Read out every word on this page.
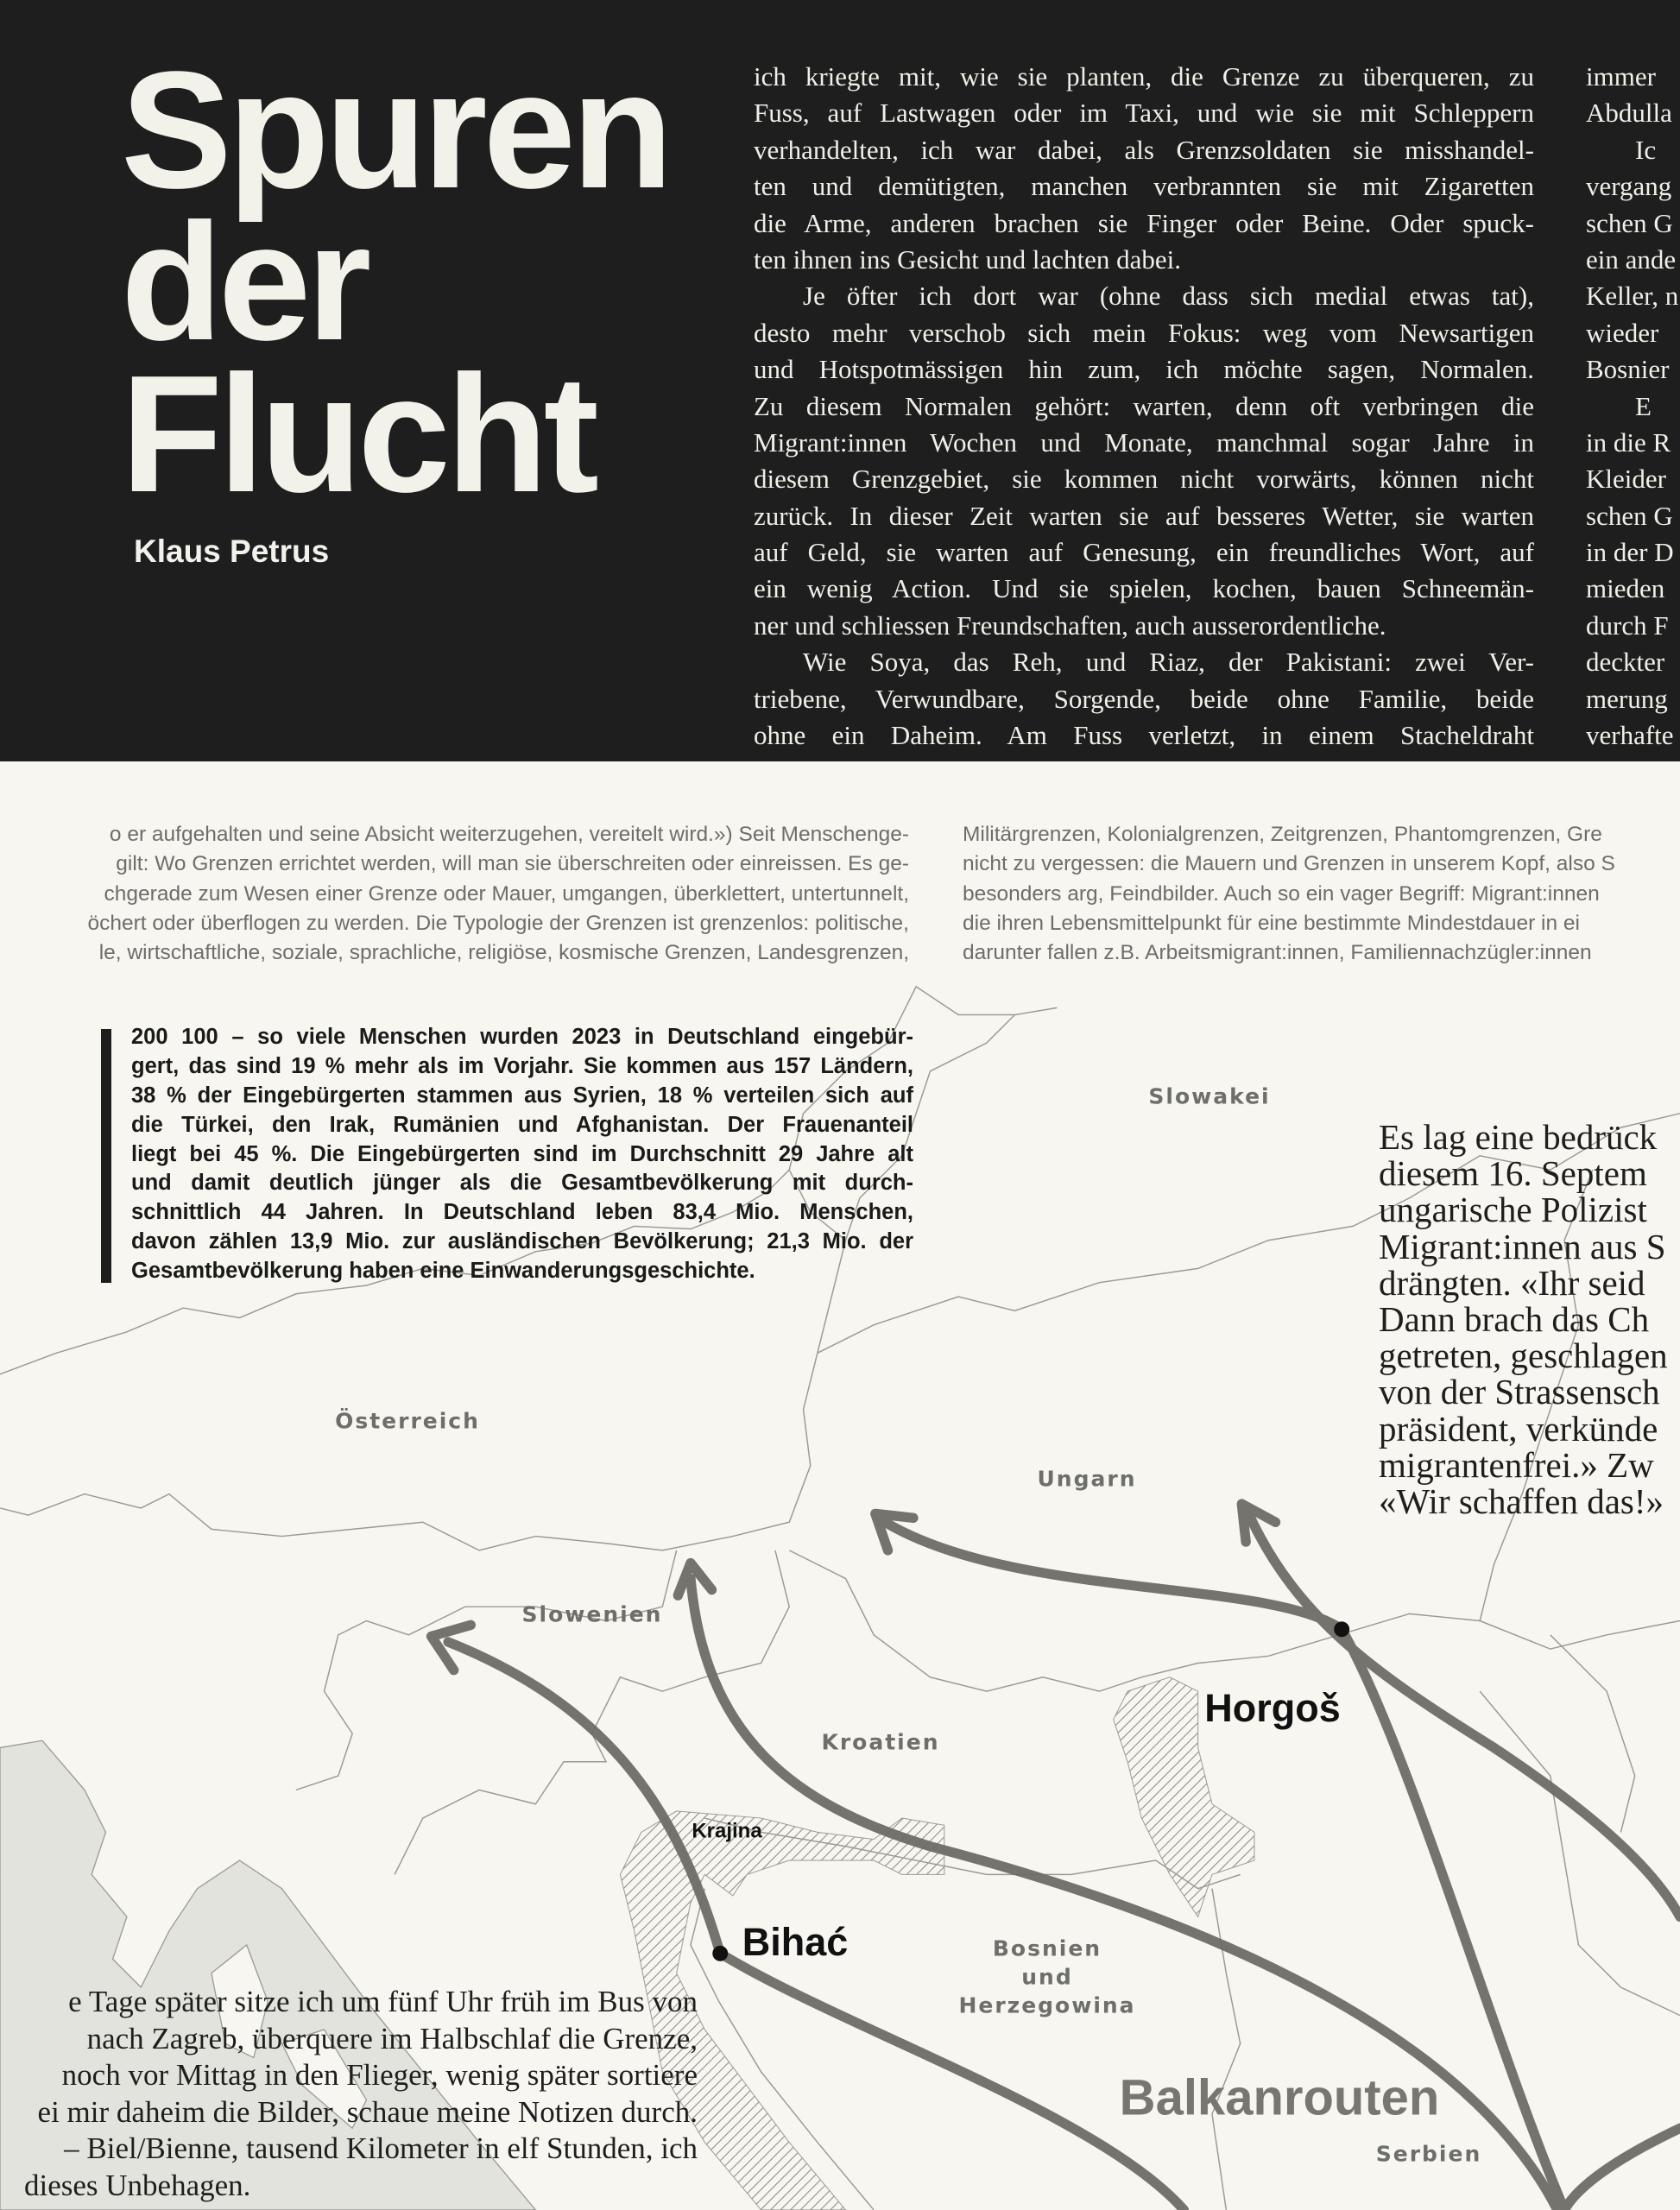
Spuren
der
Flucht
Klaus Petrus
ich kriegte mit, wie sie planten, die Grenze zu überqueren, zu
Fuss, auf Lastwagen oder im Taxi, und wie sie mit Schleppern
verhandelten, ich war dabei, als Grenzsoldaten sie misshandel-
ten und demütigten, manchen verbrannten sie mit Zigaretten
die Arme, anderen brachen sie Finger oder Beine. Oder spuck-
ten ihnen ins Gesicht und lachten dabei.
Je öfter ich dort war (ohne dass sich medial etwas tat),
desto mehr verschob sich mein Fokus: weg vom Newsartigen
und Hotspotmässigen hin zum, ich möchte sagen, Normalen.
Zu diesem Normalen gehört: warten, denn oft verbringen die
Migrant:innen Wochen und Monate, manchmal sogar Jahre in
diesem Grenzgebiet, sie kommen nicht vorwärts, können nicht
zurück. In dieser Zeit warten sie auf besseres Wetter, sie warten
auf Geld, sie warten auf Genesung, ein freundliches Wort, auf
ein wenig Action. Und sie spielen, kochen, bauen Schneemän-
ner und schliessen Freundschaften, auch ausserordentliche.
Wie Soya, das Reh, und Riaz, der Pakistani: zwei Ver-
triebene, Verwundbare, Sorgende, beide ohne Familie, beide
ohne ein Daheim. Am Fuss verletzt, in einem Stacheldraht
immer
Abdulla
Ic
vergang
schen G
ein ande
Keller, n
wieder
Bosnier
E
in die R
Kleider
schen G
in der D
mieden
durch F
deckter
merung
verhafte
o er aufgehalten und seine Absicht weiterzugehen, vereitelt wird.») Seit Menschenge-
gilt: Wo Grenzen errichtet werden, will man sie überschreiten oder einreissen. Es ge-
chgerade zum Wesen einer Grenze oder Mauer, umgangen, überklettert, untertunnelt,
öchert oder überflogen zu werden. Die Typologie der Grenzen ist grenzenlos: politische,
le, wirtschaftliche, soziale, sprachliche, religiöse, kosmische Grenzen, Landesgrenzen,
Militärgrenzen, Kolonialgrenzen, Zeitgrenzen, Phantomgrenzen, Gre
nicht zu vergessen: die Mauern und Grenzen in unserem Kopf, also S
besonders arg, Feindbilder. Auch so ein vager Begriff: Migrant:innen
die ihren Lebensmittelpunkt für eine bestimmte Mindestdauer in ei
darunter fallen z.B. Arbeitsmigrant:innen, Familiennachzügler:innen
200 100 – so viele Menschen wurden 2023 in Deutschland eingebür-
gert, das sind 19 % mehr als im Vorjahr. Sie kommen aus 157 Ländern,
38 % der Eingebürgerten stammen aus Syrien, 18 % verteilen sich auf
die Türkei, den Irak, Rumänien und Afghanistan. Der Frauenanteil
liegt bei 45 %. Die Eingebürgerten sind im Durchschnitt 29 Jahre alt
und damit deutlich jünger als die Gesamtbevölkerung mit durch-
schnittlich 44 Jahren. In Deutschland leben 83,4 Mio. Menschen,
davon zählen 13,9 Mio. zur ausländischen Bevölkerung; 21,3 Mio. der
Gesamtbevölkerung haben eine Einwanderungsgeschichte.
Es lag eine bedrück
diesem 16. Septem
ungarische Polizist
Migrant:innen aus S
drängten. «Ihr seid
Dann brach das Ch
getreten, geschlagen
von der Strassensch
präsident, verkünde
migrantenfrei.» Zw
«Wir schaffen das!»
e Tage später sitze ich um fünf Uhr früh im Bus von
nach Zagreb, überquere im Halbschlaf die Grenze,
noch vor Mittag in den Flieger, wenig später sortiere
ei mir daheim die Bilder, schaue meine Notizen durch.
– Biel/Bienne, tausend Kilometer in elf Stunden, ich
dieses Unbehagen.
Slowakei
Österreich
Ungarn
Slowenien
Kroatien
Bosnien
und
Herzegowina
Serbien
Krajina
Balkanrouten
Horgoš
Bihać
